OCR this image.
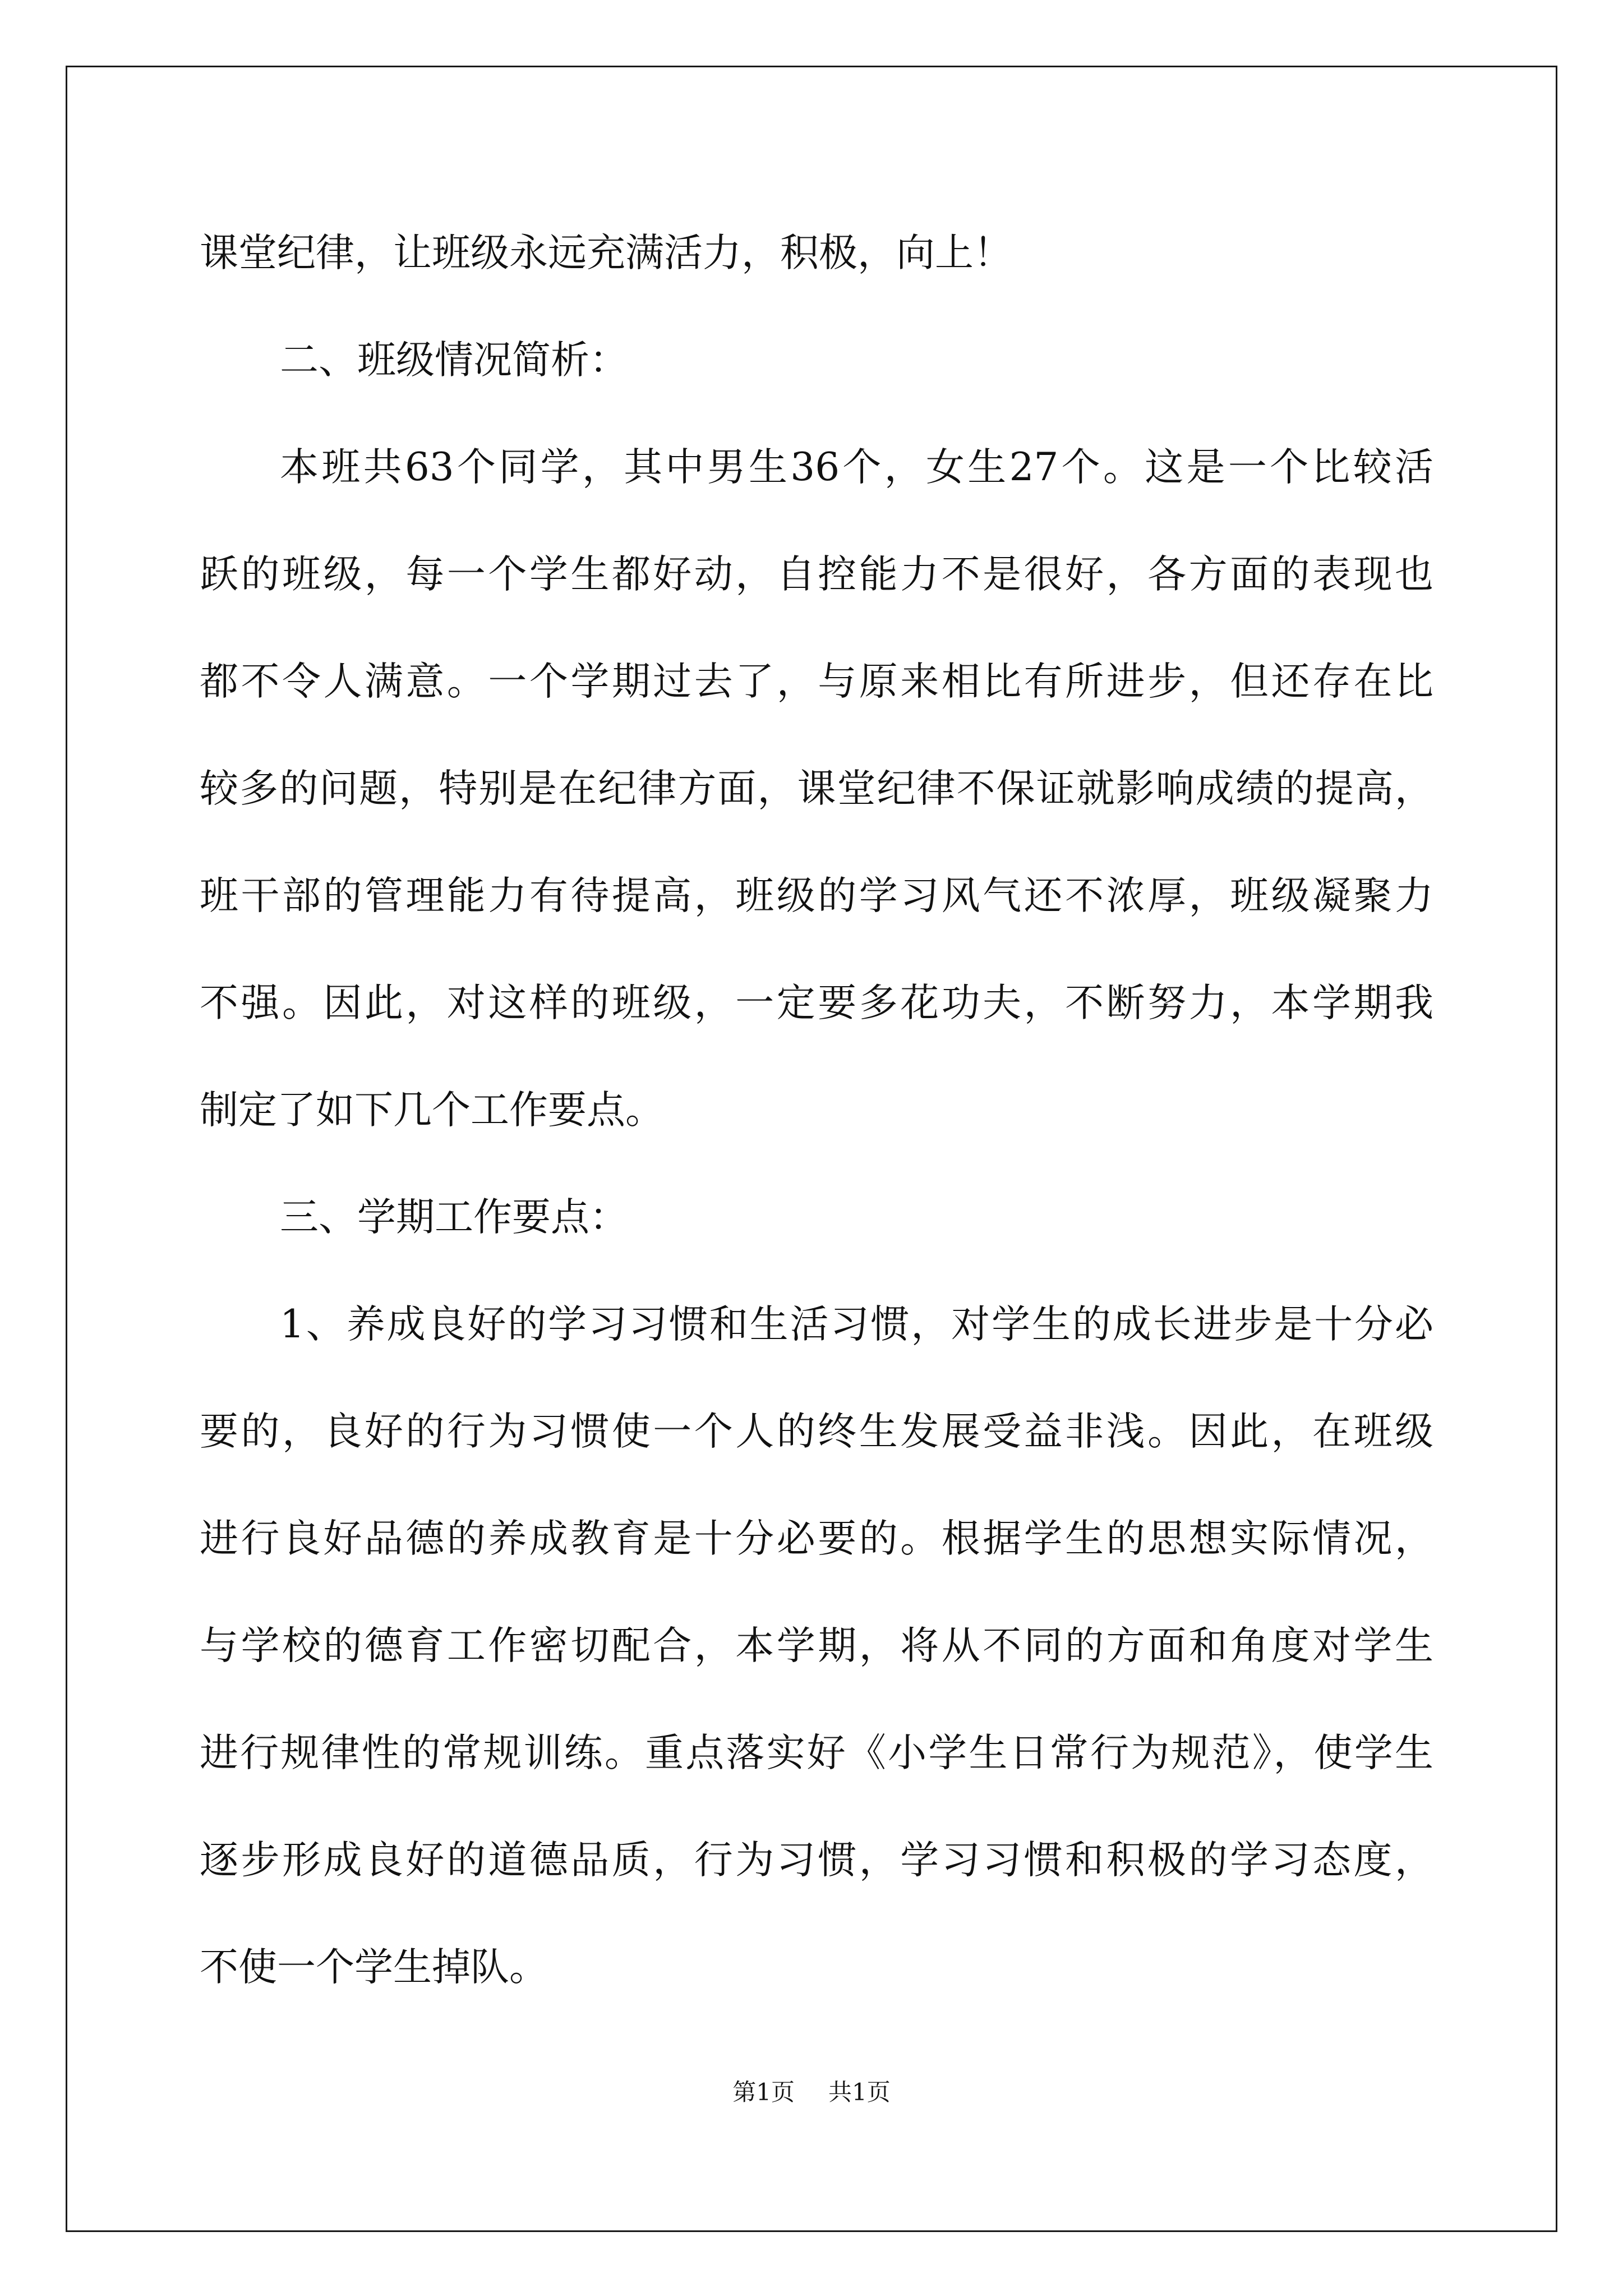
课堂纪律，让班级永远充满活力，积极，向上！
二、班级情况简析：
本班共63个同学，其中男生36个，女生27个。这是一个比较活
跃的班级，每一个学生都好动，自控能力不是很好，各方面的表现也
都不令人满意。一个学期过去了，与原来相比有所进步，但还存在比
较多的问题，特别是在纪律方面，课堂纪律不保证就影响成绩的提高，
班干部的管理能力有待提高，班级的学习风气还不浓厚，班级凝聚力
不强。因此，对这样的班级，一定要多花功夫，不断努力，本学期我
制定了如下几个工作要点。
三、学期工作要点：
1、养成良好的学习习惯和生活习惯，对学生的成长进步是十分必
要的，良好的行为习惯使一个人的终生发展受益非浅。因此，在班级
进行良好品德的养成教育是十分必要的。根据学生的思想实际情况，
与学校的德育工作密切配合，本学期，将从不同的方面和角度对学生
进行规律性的常规训练。重点落实好《小学生日常行为规范》，使学生
逐步形成良好的道德品质，行为习惯，学习习惯和积极的学习态度，
不使一个学生掉队。
第1页 共1页
